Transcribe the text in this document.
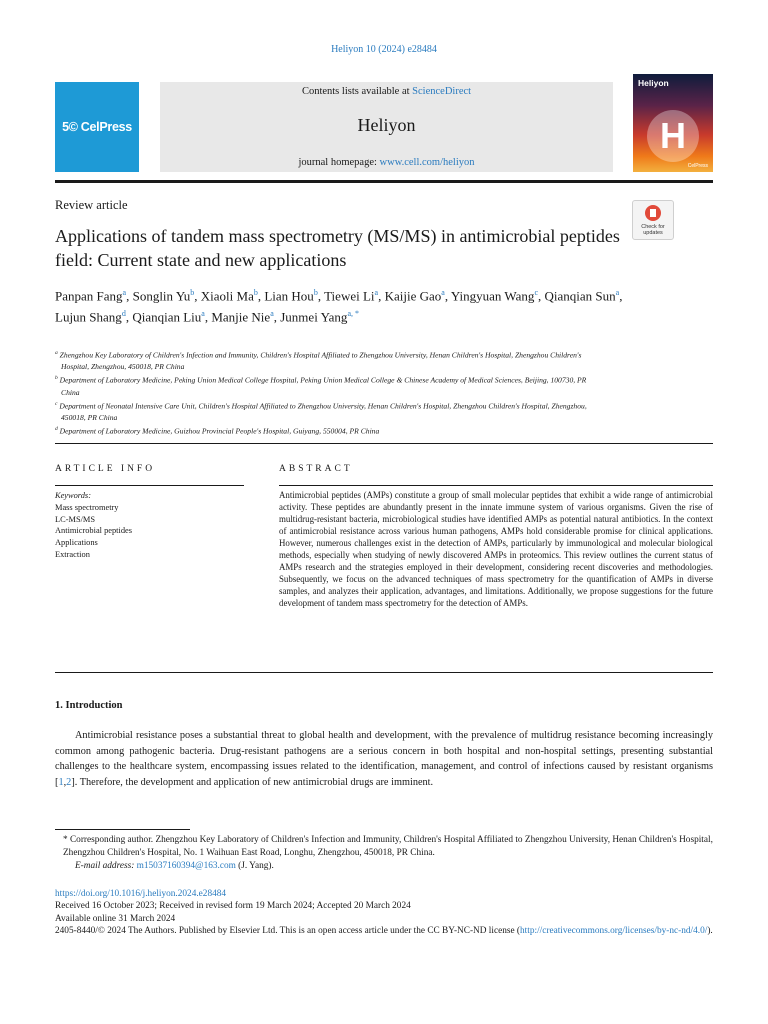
Heliyon 10 (2024) e28484
5© CelPress
Contents lists available at ScienceDirect
Heliyon
journal homepage: www.cell.com/heliyon
Heliyon
H
CelPress
Review article
Check for
updates
Applications of tandem mass spectrometry (MS/MS) in antimicrobial peptides field: Current state and new applications
Panpan Fang$^a$, Songlin Yu$^b$, Xiaoli Ma$^b$, Lian Hou$^b$, Tiewei Li$^a$, Kaijie Gao$^a$, Yingyuan Wang$^c$, Qianqian Sun$^a$, Lujun Shang$^d$, Qianqian Liu$^a$, Manjie Nie$^a$, Junmei Yang$^{a, *}$
$^a$ Zhengzhou Key Laboratory of Children's Infection and Immunity, Children's Hospital Affiliated to Zhengzhou University, Henan Children's Hospital, Zhengzhou Children's Hospital, Zhengzhou, 450018, PR China
$^b$ Department of Laboratory Medicine, Peking Union Medical College Hospital, Peking Union Medical College & Chinese Academy of Medical Sciences, Beijing, 100730, PR China
$^c$ Department of Neonatal Intensive Care Unit, Children's Hospital Affiliated to Zhengzhou University, Henan Children's Hospital, Zhengzhou Children's Hospital, Zhengzhou, 450018, PR China
$^d$ Department of Laboratory Medicine, Guizhou Provincial People's Hospital, Guiyang, 550004, PR China
ARTICLE INFO	ABSTRACT
Keywords:
Mass spectrometry
LC-MS/MS
Antimicrobial peptides
Applications
Extraction
Antimicrobial peptides (AMPs) constitute a group of small molecular peptides that exhibit a wide range of antimicrobial activity. These peptides are abundantly present in the innate immune system of various organisms. Given the rise of multidrug-resistant bacteria, microbiological studies have identified AMPs as potential natural antibiotics. In the context of antimicrobial resistance across various human pathogens, AMPs hold considerable promise for clinical applications. However, numerous challenges exist in the detection of AMPs, particularly by immunological and molecular biological methods, especially when studying of newly discovered AMPs in proteomics. This review outlines the current status of AMPs research and the strategies employed in their development, considering recent discoveries and methodologies. Subsequently, we focus on the advanced techniques of mass spectrometry for the quantification of AMPs in diverse samples, and analyzes their application, advantages, and limitations. Additionally, we propose suggestions for the future development of tandem mass spectrometry for the detection of AMPs.
1. Introduction
Antimicrobial resistance poses a substantial threat to global health and development, with the prevalence of multidrug resistance becoming increasingly common among pathogenic bacteria. Drug-resistant pathogens are a serious concern in both hospital and non-hospital settings, presenting substantial challenges to the healthcare system, encompassing issues related to the identification, management, and control of infections caused by resistant organisms [1,2]. Therefore, the development and application of new antimicrobial drugs are imminent.
* Corresponding author. Zhengzhou Key Laboratory of Children's Infection and Immunity, Children's Hospital Affiliated to Zhengzhou University, Henan Children's Hospital, Zhengzhou Children's Hospital, No. 1 Waihuan East Road, Longhu, Zhengzhou, 450018, PR China.
E-mail address: m15037160394@163.com (J. Yang).
https://doi.org/10.1016/j.heliyon.2024.e28484
Received 16 October 2023; Received in revised form 19 March 2024; Accepted 20 March 2024
Available online 31 March 2024
2405-8440/© 2024 The Authors. Published by Elsevier Ltd. This is an open access article under the CC BY-NC-ND license (http://creativecommons.org/licenses/by-nc-nd/4.0/).
